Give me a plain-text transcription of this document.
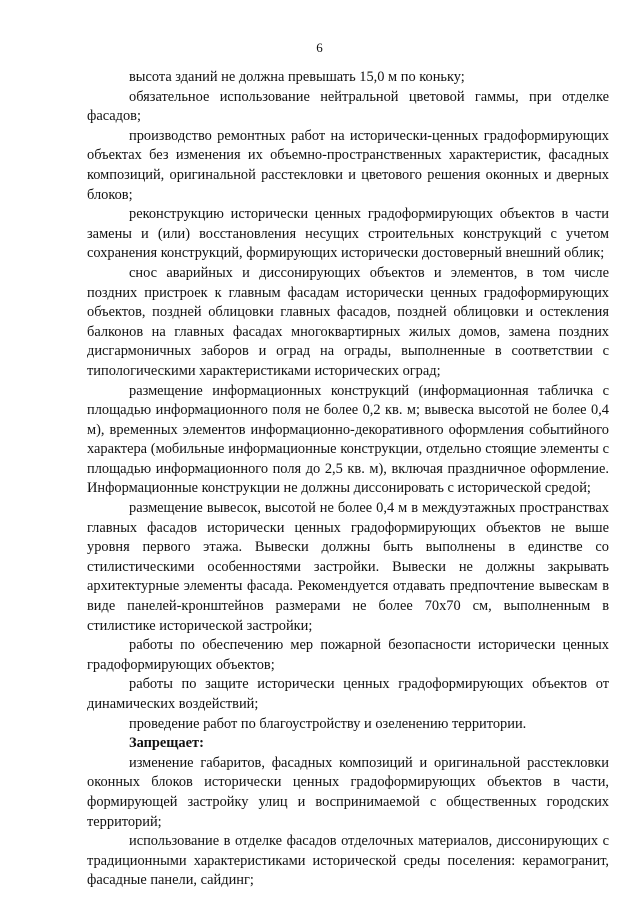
6

высота зданий не должна превышать 15,0 м по коньку;

обязательное использование нейтральной цветовой гаммы, при отделке фасадов;

производство ремонтных работ на исторически-ценных градоформирующих объектах без изменения их объемно-пространственных характеристик, фасадных композиций, оригинальной расстекловки и цветового решения оконных и дверных блоков;

реконструкцию исторически ценных градоформирующих объектов в части замены и (или) восстановления несущих строительных конструкций с учетом сохранения конструкций, формирующих исторически достоверный внешний облик;

снос аварийных и диссонирующих объектов и элементов, в том числе поздних пристроек к главным фасадам исторически ценных градоформирующих объектов, поздней облицовки главных фасадов, поздней облицовки и остекления балконов на главных фасадах многоквартирных жилых домов, замена поздних дисгармоничных заборов и оград на ограды, выполненные в соответствии с типологическими характеристиками исторических оград;

размещение информационных конструкций (информационная табличка с площадью информационного поля не более 0,2 кв. м; вывеска высотой не более 0,4 м), временных элементов информационно-декоративного оформления событийного характера (мобильные информационные конструкции, отдельно стоящие элементы с площадью информационного поля до 2,5 кв. м), включая праздничное оформление. Информационные конструкции не должны диссонировать с исторической средой;

размещение вывесок, высотой не более 0,4 м в междуэтажных пространствах главных фасадов исторически ценных градоформирующих объектов не выше уровня первого этажа. Вывески должны быть выполнены в единстве со стилистическими особенностями застройки. Вывески не должны закрывать архитектурные элементы фасада. Рекомендуется отдавать предпочтение вывескам в виде панелей-кронштейнов размерами не более 70х70 см, выполненным в стилистике исторической застройки;

работы по обеспечению мер пожарной безопасности исторически ценных градоформирующих объектов;

работы по защите исторически ценных градоформирующих объектов от динамических воздействий;

проведение работ по благоустройству и озеленению территории.

Запрещает:

изменение габаритов, фасадных композиций и оригинальной расстекловки оконных блоков исторически ценных градоформирующих объектов в части, формирующей застройку улиц и воспринимаемой с общественных городских территорий;

использование в отделке фасадов отделочных материалов, диссонирующих с традиционными характеристиками исторической среды поселения: керамогранит, фасадные панели, сайдинг;
